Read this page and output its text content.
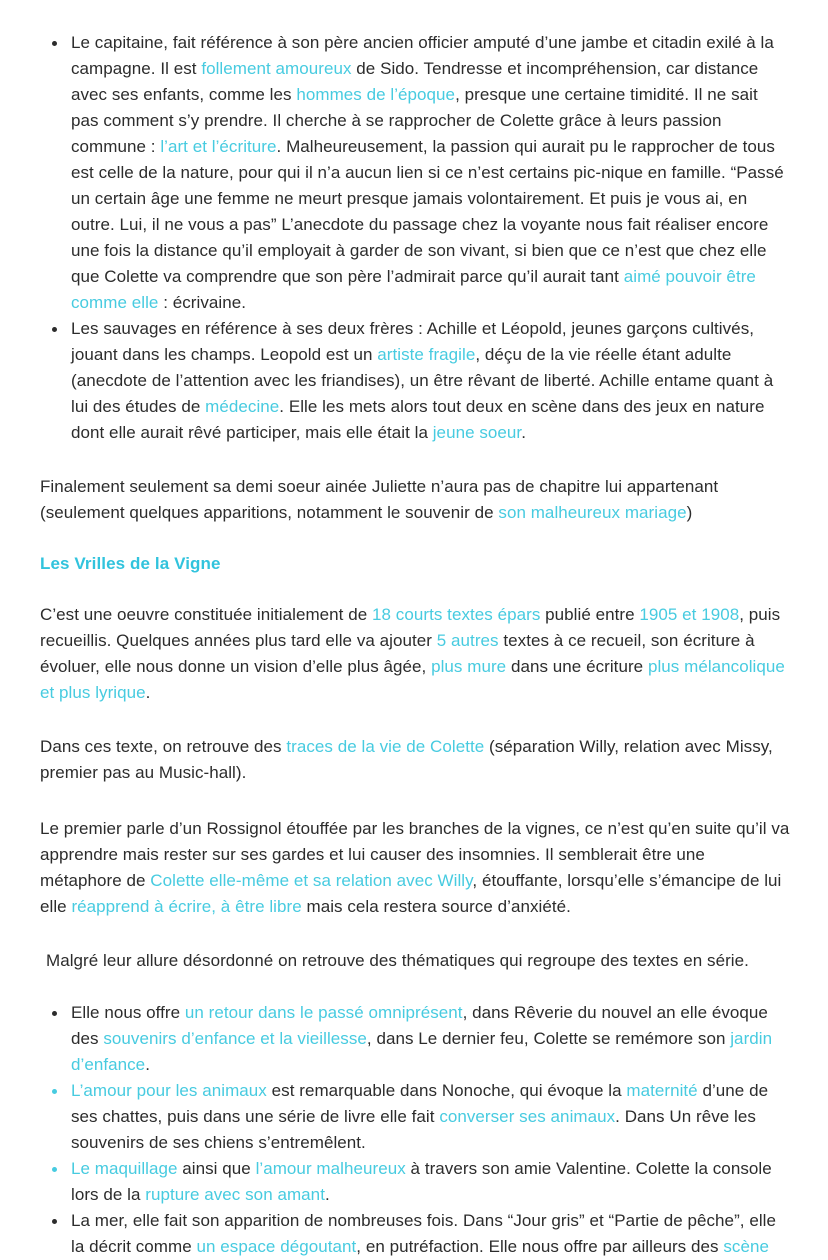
Le capitaine, fait référence à son père ancien officier amputé d’une jambe et citadin exilé à la campagne. Il est follement amoureux de Sido. Tendresse et incompréhension, car distance avec ses enfants, comme les hommes de l’époque, presque une certaine timidité. Il ne sait pas comment s’y prendre. Il cherche à se rapprocher de Colette grâce à leurs passion commune : l’art et l’écriture. Malheureusement, la passion qui aurait pu le rapprocher de tous est celle de la nature, pour qui il n’a aucun lien si ce n’est certains pic-nique en famille. “Passé un certain âge une femme ne meurt presque jamais volontairement. Et puis je vous ai, en outre. Lui, il ne vous a pas” L’anecdote du passage chez la voyante nous fait réaliser encore une fois la distance qu’il employait à garder de son vivant, si bien que ce n’est que chez elle que Colette va comprendre que son père l’admirait parce qu’il aurait tant aimé pouvoir être comme elle : écrivaine.
Les sauvages en référence à ses deux frères : Achille et Léopold, jeunes garçons cultivés, jouant dans les champs. Leopold est un artiste fragile, déçu de la vie réelle étant adulte (anecdote de l’attention avec les friandises), un être rêvant de liberté. Achille entame quant à lui des études de médecine. Elle les mets alors tout deux en scène dans des jeux en nature dont elle aurait rêvé participer, mais elle était la jeune soeur.

Finalement seulement sa demi soeur ainée Juliette n’aura pas de chapitre lui appartenant (seulement quelques apparitions, notamment le souvenir de son malheureux mariage)

Les Vrilles de la Vigne

C’est une oeuvre constituée initialement de 18 courts textes épars publié entre 1905 et 1908, puis recueillis. Quelques années plus tard elle va ajouter 5 autres textes à ce recueil, son écriture à évoluer, elle nous donne un vision d’elle plus âgée, plus mure dans une écriture plus mélancolique et plus lyrique.

Dans ces texte, on retrouve des traces de la vie de Colette (séparation Willy, relation avec Missy, premier pas au Music-hall).

Le premier parle d’un Rossignol étouffée par les branches de la vignes, ce n’est qu’en suite qu’il va apprendre mais rester sur ses gardes et lui causer des insomnies. Il semblerait être une métaphore de Colette elle-même et sa relation avec Willy, étouffante, lorsqu’elle s’émancipe de lui elle réapprend à écrire, à être libre mais cela restera source d’anxiété.

Malgré leur allure désordonné on retrouve des thématiques qui regroupe des textes en série.

Elle nous offre un retour dans le passé omniprésent, dans Rêverie du nouvel an elle évoque des souvenirs d’enfance et la vieillesse, dans Le dernier feu, Colette se remémore son jardin d’enfance.
L’amour pour les animaux est remarquable dans Nonoche, qui évoque la maternité d’une de ses chattes, puis dans une série de livre elle fait converser ses animaux. Dans Un rêve les souvenirs de ses chiens s’entremêlent.
Le maquillage ainsi que l’amour malheureux à travers son amie Valentine. Colette la console lors de la rupture avec son amant.
La mer, elle fait son apparition de nombreuses fois. Dans “Jour gris” et “Partie de pêche”, elle la décrit comme un espace dégoutant, en putréfaction. Elle nous offre par ailleurs des scène
